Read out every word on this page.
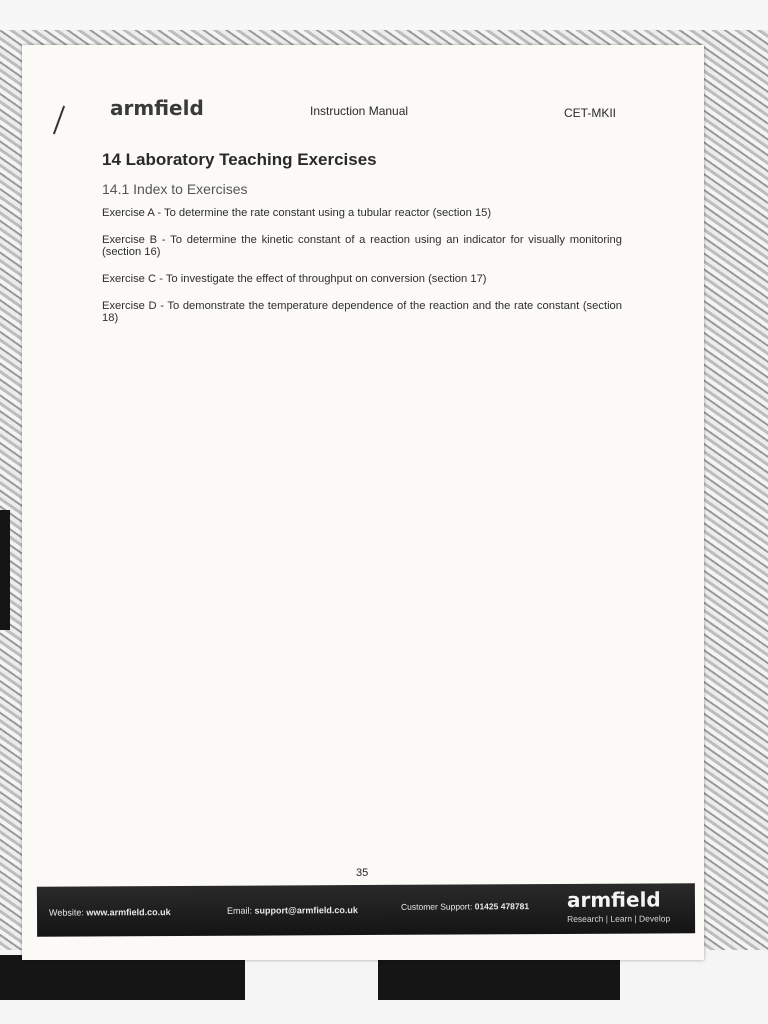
armfield	Instruction Manual	CET-MKII
14 Laboratory Teaching Exercises
14.1 Index to Exercises
Exercise A - To determine the rate constant using a tubular reactor (section 15)
Exercise B - To determine the kinetic constant of a reaction using an indicator for visually monitoring (section 16)
Exercise C - To investigate the effect of throughput on conversion (section 17)
Exercise D - To demonstrate the temperature dependence of the reaction and the rate constant (section 18)
35
Website: www.armfield.co.uk	Email: support@armfield.co.uk	Customer Support: 01425 478781 armfield
Research | Learn | Develop
